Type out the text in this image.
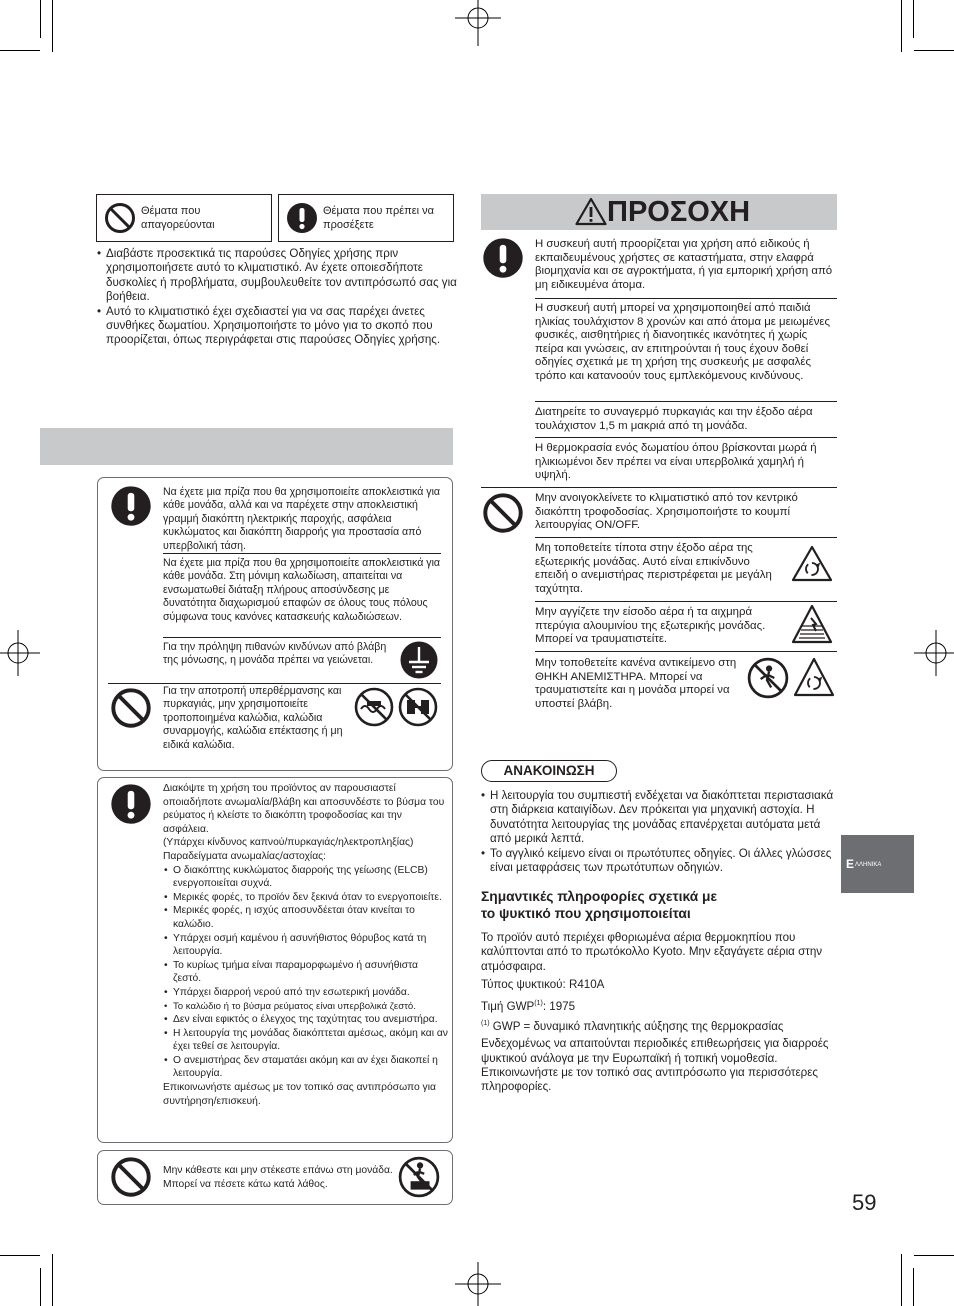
Θέματα που απαγορεύονται
Θέματα που πρέπει να προσέξετε
• Διαβάστε προσεκτικά τις παρούσες Οδηγίες χρήσης πριν χρησιμοποιήσετε αυτό το κλιματιστικό. Αν έχετε οποιεσδήποτε δυσκολίες ή προβλήματα, συμβουλευθείτε τον αντιπρόσωπό σας για βοήθεια.
• Αυτό το κλιματιστικό έχει σχεδιαστεί για να σας παρέχει άνετες συνθήκες δωματίου. Χρησιμοποιήστε το μόνο για το σκοπό που προορίζεται, όπως περιγράφεται στις παρούσες Οδηγίες χρήσης.
Να έχετε μια πρίζα που θα χρησιμοποιείτε αποκλειστικά για κάθε μονάδα, αλλά και να παρέχετε στην αποκλειστική γραμμή διακόπτη ηλεκτρικής παροχής, ασφάλεια κυκλώματος και διακόπτη διαρροής για προστασία από υπερβολική τάση.
Να έχετε μια πρίζα που θα χρησιμοποιείτε αποκλειστικά για κάθε μονάδα. Στη μόνιμη καλωδίωση, απαιτείται να ενσωματωθεί διάταξη πλήρους αποσύνδεσης με δυνατότητα διαχωρισμού επαφών σε όλους τους πόλους σύμφωνα τους κανόνες κατασκευής καλωδιώσεων.
Για την πρόληψη πιθανών κινδύνων από βλάβη της μόνωσης, η μονάδα πρέπει να γειώνεται.
Για την αποτροπή υπερθέρμανσης και πυρκαγιάς, μην χρησιμοποιείτε τροποποιημένα καλώδια, καλώδια συναρμογής, καλώδια επέκτασης ή μη ειδικά καλώδια.
Διακόψτε τη χρήση του προϊόντος αν παρουσιαστεί οποιαδήποτε ανωμαλία/βλάβη και αποσυνδέστε το βύσμα του ρεύματος ή κλείστε το διακόπτη τροφοδοσίας και την ασφάλεια.
(Υπάρχει κίνδυνος καπνού/πυρκαγιάς/ηλεκτροπληξίας)
Παραδείγματα ανωμαλίας/αστοχίας:
• Ο διακόπτης κυκλώματος διαρροής της γείωσης (ELCB) ενεργοποιείται συχνά.
• Μερικές φορές, το προϊόν δεν ξεκινά όταν το ενεργοποιείτε.
• Μερικές φορές, η ισχύς αποσυνδέεται όταν κινείται το καλώδιο.
• Υπάρχει οσμή καμένου ή ασυνήθιστος θόρυβος κατά τη λειτουργία.
• Το κυρίως τμήμα είναι παραμορφωμένο ή ασυνήθιστα ζεστό.
• Υπάρχει διαρροή νερού από την εσωτερική μονάδα.
• Το καλώδιο ή το βύσμα ρεύματος είναι υπερβολικά ζεστό.
• Δεν είναι εφικτός ο έλεγχος της ταχύτητας του ανεμιστήρα.
• Η λειτουργία της μονάδας διακόπτεται αμέσως, ακόμη και αν έχει τεθεί σε λειτουργία.
• Ο ανεμιστήρας δεν σταματάει ακόμη και αν έχει διακοπεί η λειτουργία.
Επικοινωνήστε αμέσως με τον τοπικό σας αντιπρόσωπο για συντήρηση/επισκευή.
Μην κάθεστε και μην στέκεστε επάνω στη μονάδα. Μπορεί να πέσετε κάτω κατά λάθος.
ΠΡΟΣΟΧΗ
Η συσκευή αυτή προορίζεται για χρήση από ειδικούς ή εκπαιδευμένους χρήστες σε καταστήματα, στην ελαφρά βιομηχανία και σε αγροκτήματα, ή για εμπορική χρήση από μη ειδικευμένα άτομα.
Η συσκευή αυτή μπορεί να χρησιμοποιηθεί από παιδιά ηλικίας τουλάχιστον 8 χρονών και από άτομα με μειωμένες φυσικές, αισθητήριες ή διανοητικές ικανότητες ή χωρίς πείρα και γνώσεις, αν επιτηρούνται ή τους έχουν δοθεί οδηγίες σχετικά με τη χρήση της συσκευής με ασφαλές τρόπο και κατανοούν τους εμπλεκόμενους κινδύνους.
Διατηρείτε το συναγερμό πυρκαγιάς και την έξοδο αέρα τουλάχιστον 1,5 m μακριά από τη μονάδα.
Η θερμοκρασία ενός δωματίου όπου βρίσκονται μωρά ή ηλικιωμένοι δεν πρέπει να είναι υπερβολικά χαμηλή ή υψηλή.
Μην ανοιγοκλείνετε το κλιματιστικό από τον κεντρικό διακόπτη τροφοδοσίας. Χρησιμοποιήστε το κουμπί λειτουργίας ON/OFF.
Μη τοποθετείτε τίποτα στην έξοδο αέρα της εξωτερικής μονάδας. Αυτό είναι επικίνδυνο επειδή ο ανεμιστήρας περιστρέφεται με μεγάλη ταχύτητα.
Μην αγγίζετε την είσοδο αέρα ή τα αιχμηρά πτερύγια αλουμινίου της εξωτερικής μονάδας. Μπορεί να τραυματιστείτε.
Μην τοποθετείτε κανένα αντικείμενο στη ΘΗΚΗ ΑΝΕΜΙΣΤΗΡΑ. Μπορεί να τραυματιστείτε και η μονάδα μπορεί να υποστεί βλάβη.
ΑΝΑΚΟΙΝΩΣΗ
• Η λειτουργία του συμπιεστή ενδέχεται να διακόπτεται περιστασιακά στη διάρκεια καταιγίδων. Δεν πρόκειται για μηχανική αστοχία. Η δυνατότητα λειτουργίας της μονάδας επανέρχεται αυτόματα μετά από μερικά λεπτά.
• Το αγγλικό κείμενο είναι οι πρωτότυπες οδηγίες. Οι άλλες γλώσσες είναι μεταφράσεις των πρωτότυπων οδηγιών.
Σημαντικές πληροφορίες σχετικά με
το ψυκτικό που χρησιμοποιείται
Το προϊόν αυτό περιέχει φθοριωμένα αέρια θερμοκηπίου που καλύπτονται από το πρωτόκολλο Kyoto. Μην εξαγάγετε αέρια στην ατμόσφαιρα.
Τύπος ψυκτικού: R410A
Τιμή GWP$^{(1)}$: 1975
$^{(1)}$ GWP = δυναμικό πλανητικής αύξησης της θερμοκρασίας
Ενδεχομένως να απαιτούνται περιοδικές επιθεωρήσεις για διαρροές ψυκτικού ανάλογα με την Ευρωπαϊκή ή τοπική νομοθεσία. Επικοινωνήστε με τον τοπικό σας αντιπρόσωπο για περισσότερες πληροφορίες.
E ΛΛΗΝΙΚΑ
59
